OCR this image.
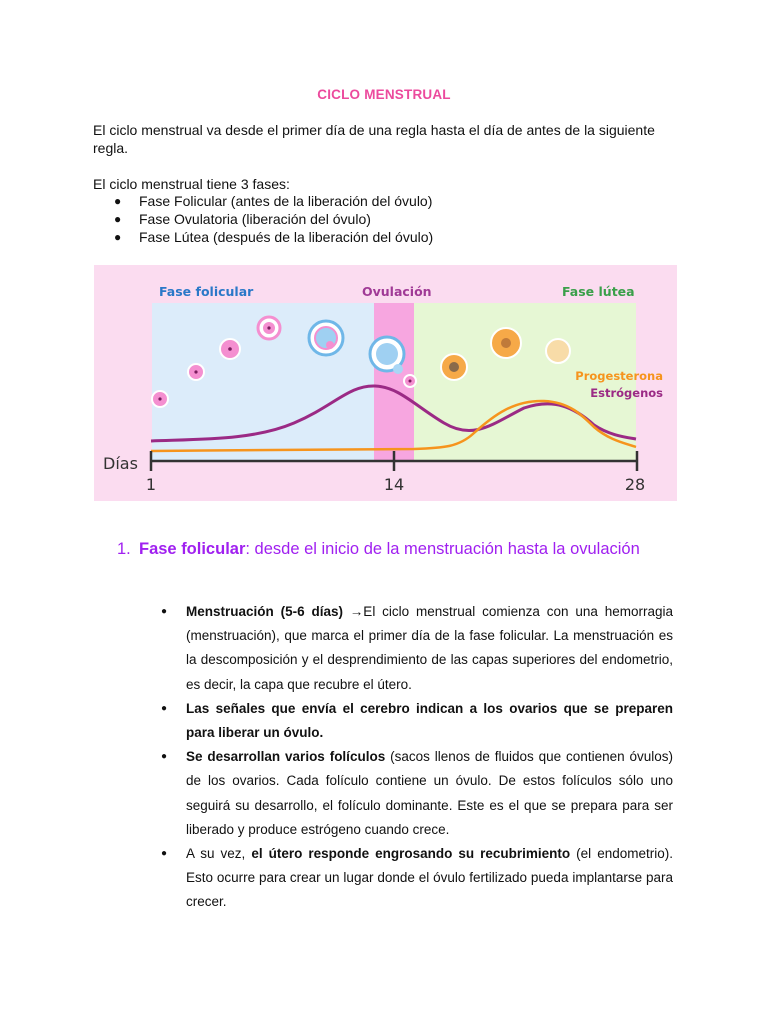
CICLO MENSTRUAL
El ciclo menstrual va desde el primer día de una regla hasta el día de antes de la siguiente regla.
El ciclo menstrual tiene 3 fases:
● Fase Folicular (antes de la liberación del óvulo)
● Fase Ovulatoria (liberación del óvulo)
● Fase Lútea (después de la liberación del óvulo)
Fase folicular	Ovulación	Fase lútea
Progesterona
Estrógenos
Días
1	14	28
1. Fase folicular: desde el inicio de la menstruación hasta la ovulación
● Menstruación (5-6 días) →El ciclo menstrual comienza con una hemorragia (menstruación), que marca el primer día de la fase folicular. La menstruación es la descomposición y el desprendimiento de las capas superiores del endometrio, es decir, la capa que recubre el útero.
● Las señales que envía el cerebro indican a los ovarios que se preparen para liberar un óvulo.
● Se desarrollan varios folículos (sacos llenos de fluidos que contienen óvulos) de los ovarios. Cada folículo contiene un óvulo. De estos folículos sólo uno seguirá su desarrollo, el folículo dominante. Este es el que se prepara para ser liberado y produce estrógeno cuando crece.
● A su vez, el útero responde engrosando su recubrimiento (el endometrio). Esto ocurre para crear un lugar donde el óvulo fertilizado pueda implantarse para crecer.
